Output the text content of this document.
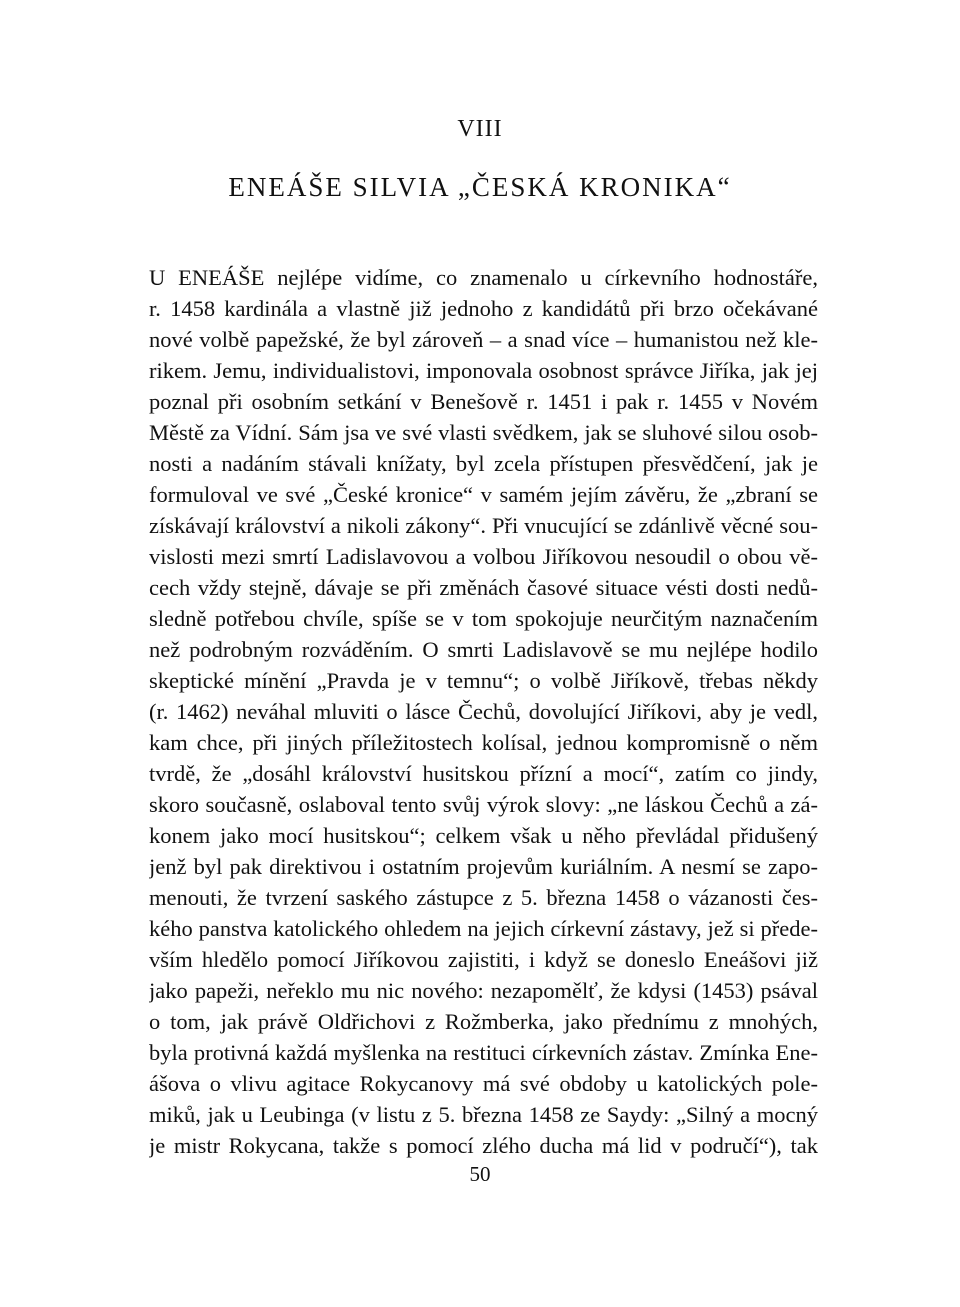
VIII
ENEÁŠE SILVIA „ČESKÁ KRONIKA“
U ENEÁŠE nejlépe vidíme, co znamenalo u církevního hodnostáře,
r. 1458 kardinála a vlastně již jednoho z kandidátů při brzo očekávané
nové volbě papežské, že byl zároveň – a snad více – humanistou než kle-
rikem. Jemu, individualistovi, imponovala osobnost správce Jiříka, jak jej
poznal při osobním setkání v Benešově r. 1451 i pak r. 1455 v Novém
Městě za Vídní. Sám jsa ve své vlasti svědkem, jak se sluhové silou osob-
nosti a nadáním stávali knížaty, byl zcela přístupen přesvědčení, jak je
formuloval ve své „České kronice“ v samém jejím závěru, že „zbraní se
získávají království a nikoli zákony“. Při vnucující se zdánlivě věcné sou-
vislosti mezi smrtí Ladislavovou a volbou Jiříkovou nesoudil o obou vě-
cech vždy stejně, dávaje se při změnách časové situace vésti dosti nedů-
sledně potřebou chvíle, spíše se v tom spokojuje neurčitým naznačením
než podrobným rozváděním. O smrti Ladislavově se mu nejlépe hodilo
skeptické mínění „Pravda je v temnu“; o volbě Jiříkově, třebas někdy
(r. 1462) neváhal mluviti o lásce Čechů, dovolující Jiříkovi, aby je vedl,
kam chce, při jiných příležitostech kolísal, jednou kompromisně o něm
tvrdě, že „dosáhl království husitskou přízní a mocí“, zatím co jindy,
skoro současně, oslaboval tento svůj výrok slovy: „ne láskou Čechů a zá-
konem jako mocí husitskou“; celkem však u něho převládal přidušený
jenž byl pak direktivou i ostatním projevům kuriálním. A nesmí se zapo-
menouti, že tvrzení saského zástupce z 5. března 1458 o vázanosti čes-
kého panstva katolického ohledem na jejich církevní zástavy, jež si přede-
vším hledělo pomocí Jiříkovou zajistiti, i když se doneslo Eneášovi již
jako papeži, neřeklo mu nic nového: nezapomělť, že kdysi (1453) psával
o tom, jak právě Oldřichovi z Rožmberka, jako přednímu z mnohých,
byla protivná každá myšlenka na restituci církevních zástav. Zmínka Ene-
ášova o vlivu agitace Rokycanovy má své obdoby u katolických pole-
miků, jak u Leubinga (v listu z 5. března 1458 ze Saydy: „Silný a mocný
je mistr Rokycana, takže s pomocí zlého ducha má lid v područí“), tak
50
